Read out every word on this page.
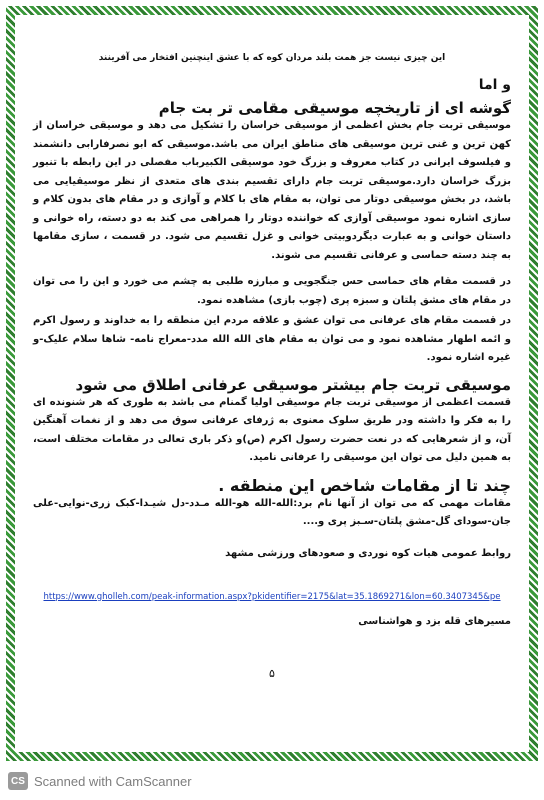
این چیزی نیست جز همت بلند مردان کوه که با عشق اینچنین افتخار می آفرینند
و اما
گوشه ای از تاریخچه موسیقی مقامی تر بت جام

موسیقی تربت جام بخش اعظمی از موسیقی خراسان را تشکیل می دهد و موسیقی خراسان از کهن ترین و غنی ترین موسیقی های مناطق ایران می باشد.موسیقی که ابو نصرفارابی دانشمند و فیلسوف ایرانی در کتاب معروف و بزرگ خود موسیقی الکبیرباب مفصلی در این رابطه با تنبور بزرگ خراسان دارد.موسیقی تربت جام دارای تقسیم بندی های متعدی از نظر موسیقیایی می باشد، در بخش موسیقی دوتار می توان، به مقام های با کلام و آوازی و در مقام های بدون کلام و سازی اشاره نمود موسیقی آوازی که خواننده دوتار را همراهی می کند به دو دسته، راه خوانی و داستان خوانی و به عبارت دیگردوبیتی خوانی و غزل تقسیم می شود. در قسمت ، سازی مقامها به چند دسته حماسی و عرفانی تقسیم می شوند.

در قسمت مقام های حماسی حس جنگجویی و مبارزه طلبی به چشم می خورد و این را می توان در مقام های مشق پلتان و سبزه پری (چوب بازی) مشاهده نمود.

در قسمت مقام های عرفانی می توان عشق و علاقه مردم این منطقه را به خداوند و رسول اکرم و ائمه اطهار مشاهده نمود و می توان به مقام های الله الله مدد-معراج نامه- شاها سلام علیک-و غیره اشاره نمود.

موسیقی تربت جام بیشتر موسیقی عرفانی اطلاق می شود

قسمت اعظمی از موسیقی تربت جام موسیقی اولیا گمنام می باشد به طوری که هر شنونده ای را به فکر وا داشته ودر طریق سلوک معنوی به ژرفای عرفانی سوق می دهد و از نغمات آهنگین آن، و از شعرهایی که در نعت حضرت رسول اکرم (ص)و ذکر باری تعالی در مقامات مختلف است، به همین دلیل می توان این موسیقی را عرفانی نامید.

چند تا از مقامات شاخص این منطقه .

مقامات مهمی که می توان از آنها نام برد:الله-الله هو-الله مـدد-دل شیـدا-کبک زری-نوایی-علی جان-سودای گل-مشق پلتان-سـبز پری و....

روابط عمومی هیات کوه نوردی و صعودهای ورزشی مشهد
https://www.gholleh.com/peak-information.aspx?pkidentifier=2175&lat=35.1869271&lon=60.3407345&pe
مسیرهای قله بزد و هواشناسی
۵
CS Scanned with CamScanner
